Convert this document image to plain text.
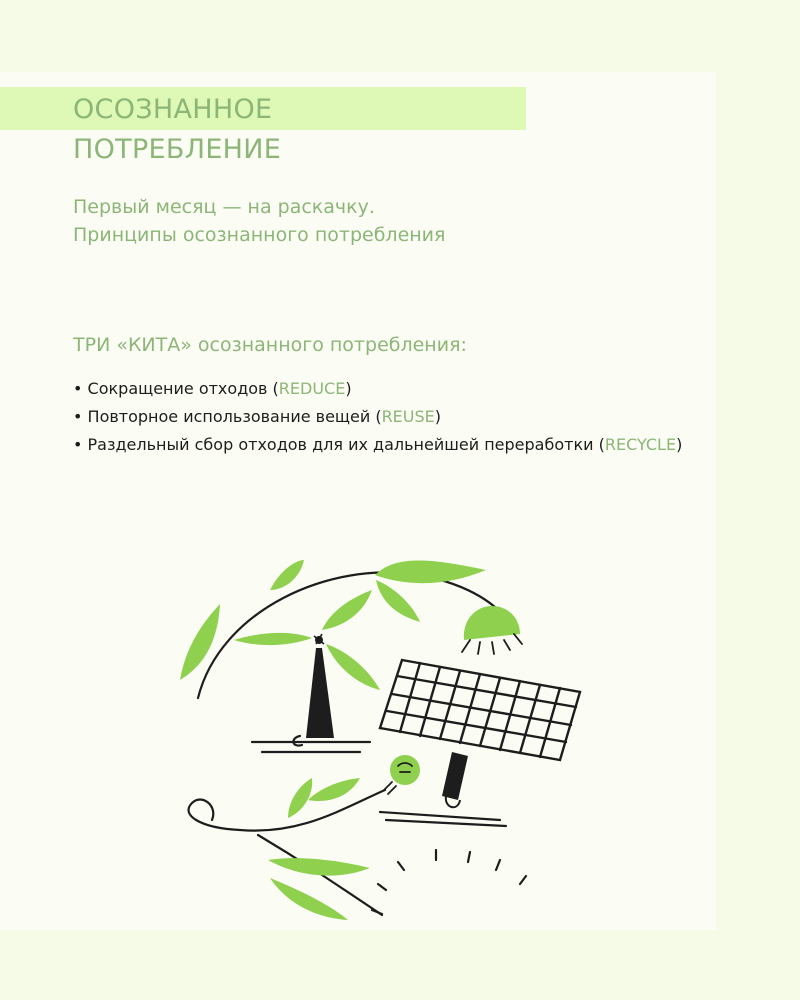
ОСОЗНАННОЕ
ПОТРЕБЛЕНИЕ
Первый месяц — на раскачку.
Принципы осознанного потребления
ТРИ «КИТА» осознанного потребления:
• Сокращение отходов (REDUCE)
• Повторное использование вещей (REUSE)
• Раздельный сбор отходов для их дальнейшей переработки (RECYCLE)
